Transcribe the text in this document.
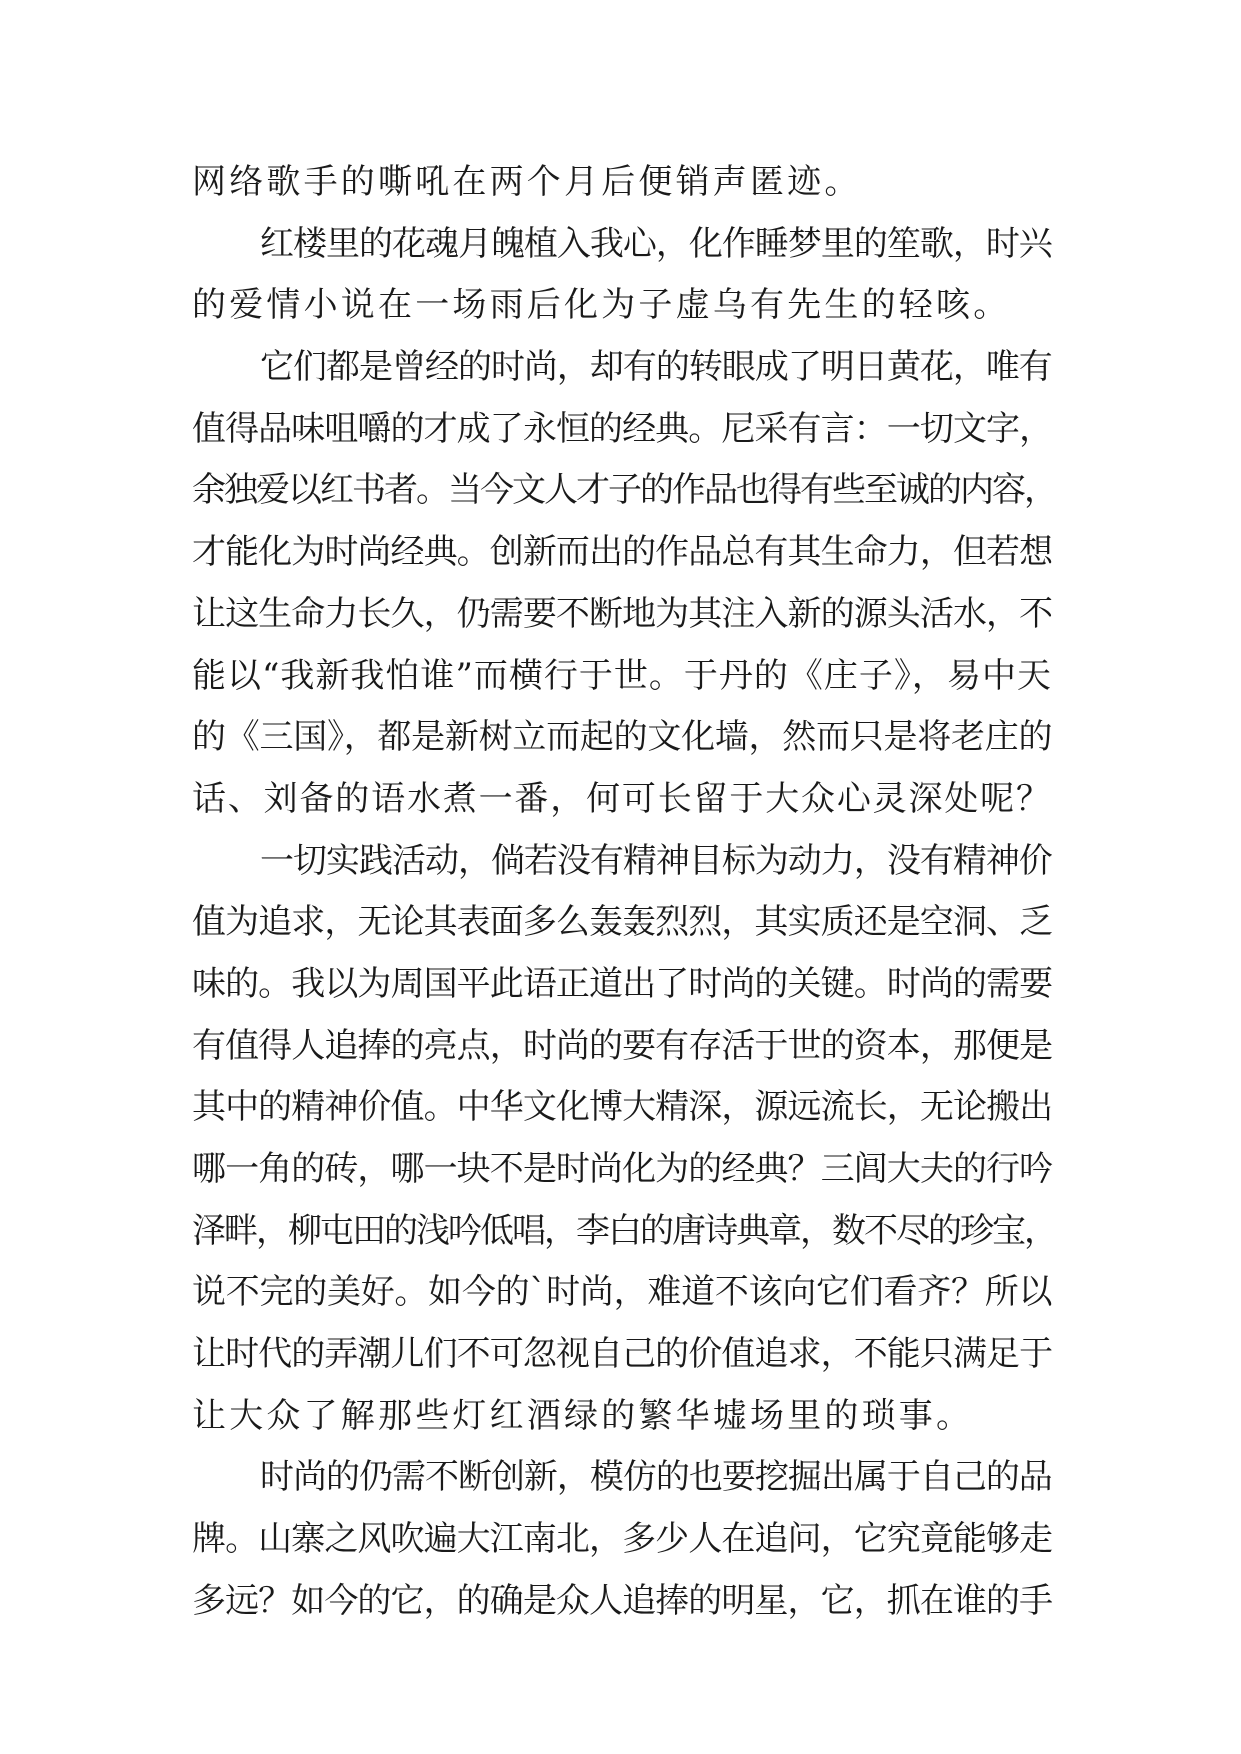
网络歌手的嘶吼在两个月后便销声匿迹。
红楼里的花魂月魄植入我心，化作睡梦里的笙歌，时兴
的爱情小说在一场雨后化为子虚乌有先生的轻咳。
它们都是曾经的时尚，却有的转眼成了明日黄花，唯有
值得品味咀嚼的才成了永恒的经典。尼采有言：一切文字，
余独爱以红书者。当今文人才子的作品也得有些至诚的内容，
才能化为时尚经典。创新而出的作品总有其生命力，但若想
让这生命力长久，仍需要不断地为其注入新的源头活水，不
能以“我新我怕谁”而横行于世。于丹的《庄子》，易中天
的《三国》，都是新树立而起的文化墙，然而只是将老庄的
话、刘备的语水煮一番，何可长留于大众心灵深处呢？
一切实践活动，倘若没有精神目标为动力，没有精神价
值为追求，无论其表面多么轰轰烈烈，其实质还是空洞、乏
味的。我以为周国平此语正道出了时尚的关键。时尚的需要
有值得人追捧的亮点，时尚的要有存活于世的资本，那便是
其中的精神价值。中华文化博大精深，源远流长，无论搬出
哪一角的砖，哪一块不是时尚化为的经典？三闾大夫的行吟
泽畔，柳屯田的浅吟低唱，李白的唐诗典章，数不尽的珍宝，
说不完的美好。如今的`时尚，难道不该向它们看齐？所以
让时代的弄潮儿们不可忽视自己的价值追求，不能只满足于
让大众了解那些灯红酒绿的繁华墟场里的琐事。
时尚的仍需不断创新，模仿的也要挖掘出属于自己的品
牌。山寨之风吹遍大江南北，多少人在追问，它究竟能够走
多远？如今的它，的确是众人追捧的明星，它，抓在谁的手
